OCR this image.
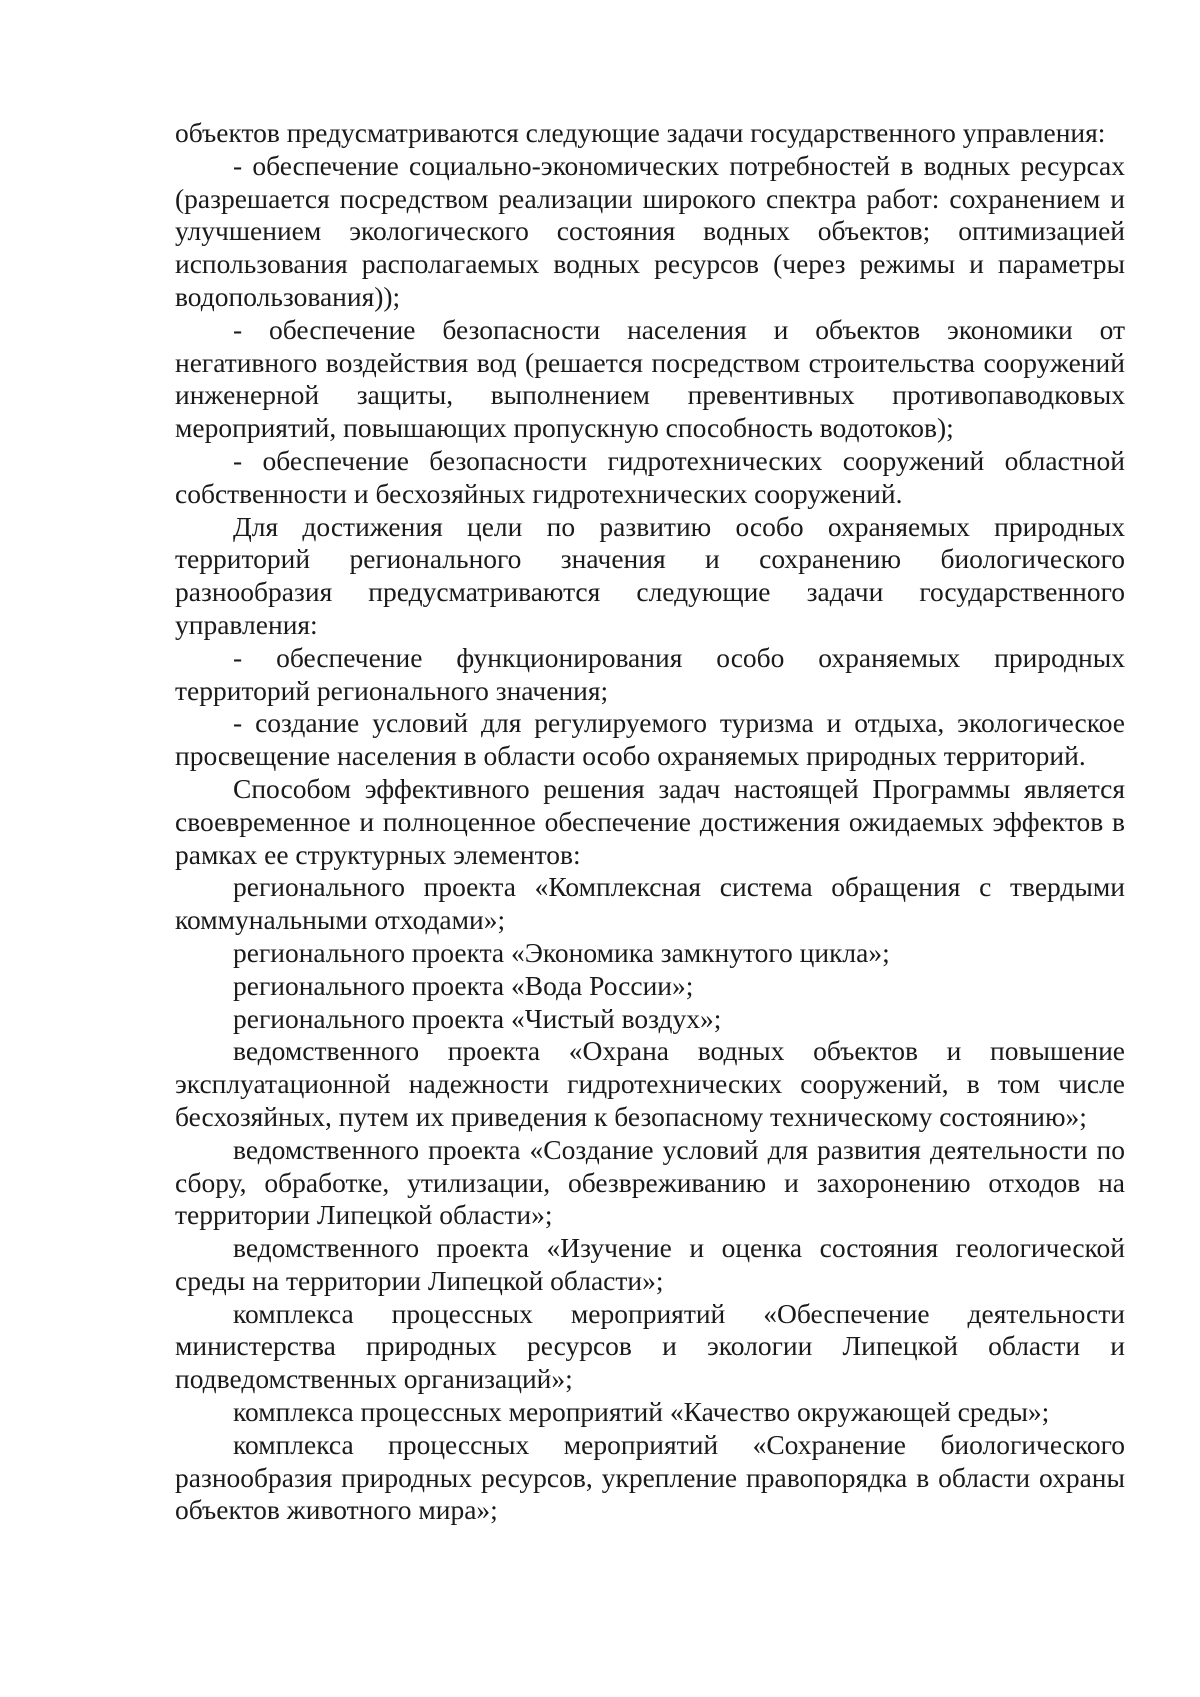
объектов предусматриваются следующие задачи государственного управления:

- обеспечение социально-экономических потребностей в водных ресурсах (разрешается посредством реализации широкого спектра работ: сохранением и улучшением экологического состояния водных объектов; оптимизацией использования располагаемых водных ресурсов (через режимы и параметры водопользования));

- обеспечение безопасности населения и объектов экономики от негативного воздействия вод (решается посредством строительства сооружений инженерной защиты, выполнением превентивных противопаводковых мероприятий, повышающих пропускную способность водотоков);

- обеспечение безопасности гидротехнических сооружений областной собственности и бесхозяйных гидротехнических сооружений.

Для достижения цели по развитию особо охраняемых природных территорий регионального значения и сохранению биологического разнообразия предусматриваются следующие задачи государственного управления:

- обеспечение функционирования особо охраняемых природных территорий регионального значения;

- создание условий для регулируемого туризма и отдыха, экологическое просвещение населения в области особо охраняемых природных территорий.

Способом эффективного решения задач настоящей Программы является своевременное и полноценное обеспечение достижения ожидаемых эффектов в рамках ее структурных элементов:

регионального проекта «Комплексная система обращения с твердыми коммунальными отходами»;

регионального проекта «Экономика замкнутого цикла»;

регионального проекта «Вода России»;

регионального проекта «Чистый воздух»;

ведомственного проекта «Охрана водных объектов и повышение эксплуатационной надежности гидротехнических сооружений, в том числе бесхозяйных, путем их приведения к безопасному техническому состоянию»;

ведомственного проекта «Создание условий для развития деятельности по сбору, обработке, утилизации, обезвреживанию и захоронению отходов на территории Липецкой области»;

ведомственного проекта «Изучение и оценка состояния геологической среды на территории Липецкой области»;

комплекса процессных мероприятий «Обеспечение деятельности министерства природных ресурсов и экологии Липецкой области и подведомственных организаций»;

комплекса процессных мероприятий «Качество окружающей среды»;

комплекса процессных мероприятий «Сохранение биологического разнообразия природных ресурсов, укрепление правопорядка в области охраны объектов животного мира»;
